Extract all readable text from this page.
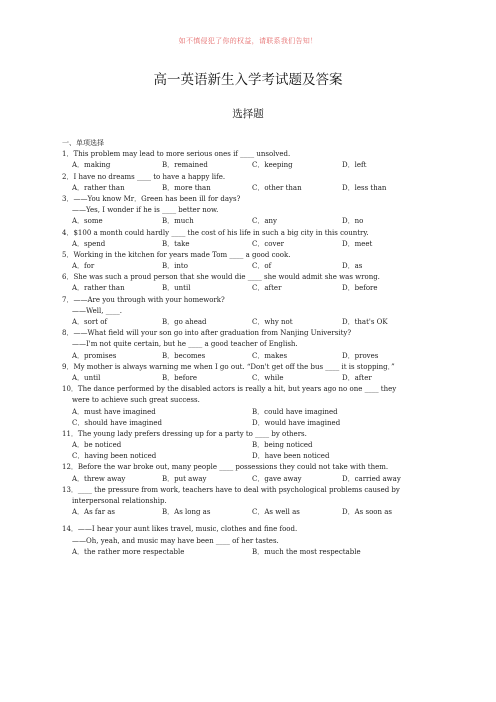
如不慎侵犯了你的权益，请联系我们告知！
高一英语新生入学考试题及答案
选择题
一、单项选择
1．This problem may lead to more serious ones if ____ unsolved.
A．making	B．remained	C．keeping	D．left
2．I have no dreams ____ to have a happy life.
A．rather than	B．more than	C．other than	D．less than
3．——You know Mr．Green has been ill for days?
——Yes, I wonder if he is ____ better now.
A．some	B．much	C．any	D．no
4．$100 a month could hardly ____ the cost of his life in such a big city in this country.
A．spend	B．take	C．cover	D．meet
5．Working in the kitchen for years made Tom ____ a good cook.
A．for	B．into	C．of	D．as
6．She was such a proud person that she would die ____ she would admit she was wrong.
A．rather than	B．until	C．after	D．before
7．——Are you through with your homework?
——Well, ____.
A．sort of	B．go ahead	C．why not	D．that's OK
8．——What field will your son go into after graduation from Nanjing University?
——I'm not quite certain, but he ____ a good teacher of English.
A．promises	B．becomes	C．makes	D．proves
9．My mother is always warning me when I go out. “Don't get off the bus ____ it is stopping．”
A．until	B．before	C．while	D．after
10．The dance performed by the disabled actors is really a hit, but years ago no one ____ they
were to achieve such great success.
A．must have imagined	B．could have imagined
C．should have imagined	D．would have imagined
11．The young lady prefers dressing up for a party to ____ by others.
A．be noticed	B．being noticed
C．having been noticed	D．have been noticed
12．Before the war broke out, many people ____ possessions they could not take with them.
A．threw away	B．put away	C．gave away	D．carried away
13．____ the pressure from work, teachers have to deal with psychological problems caused by
interpersonal relationship.
A．As far as	B．As long as	C．As well as	D．As soon as
14．——I hear your aunt likes travel, music, clothes and fine food.
——Oh, yeah, and music may have been ____ of her tastes.
A．the rather more respectable	B．much the most respectable
